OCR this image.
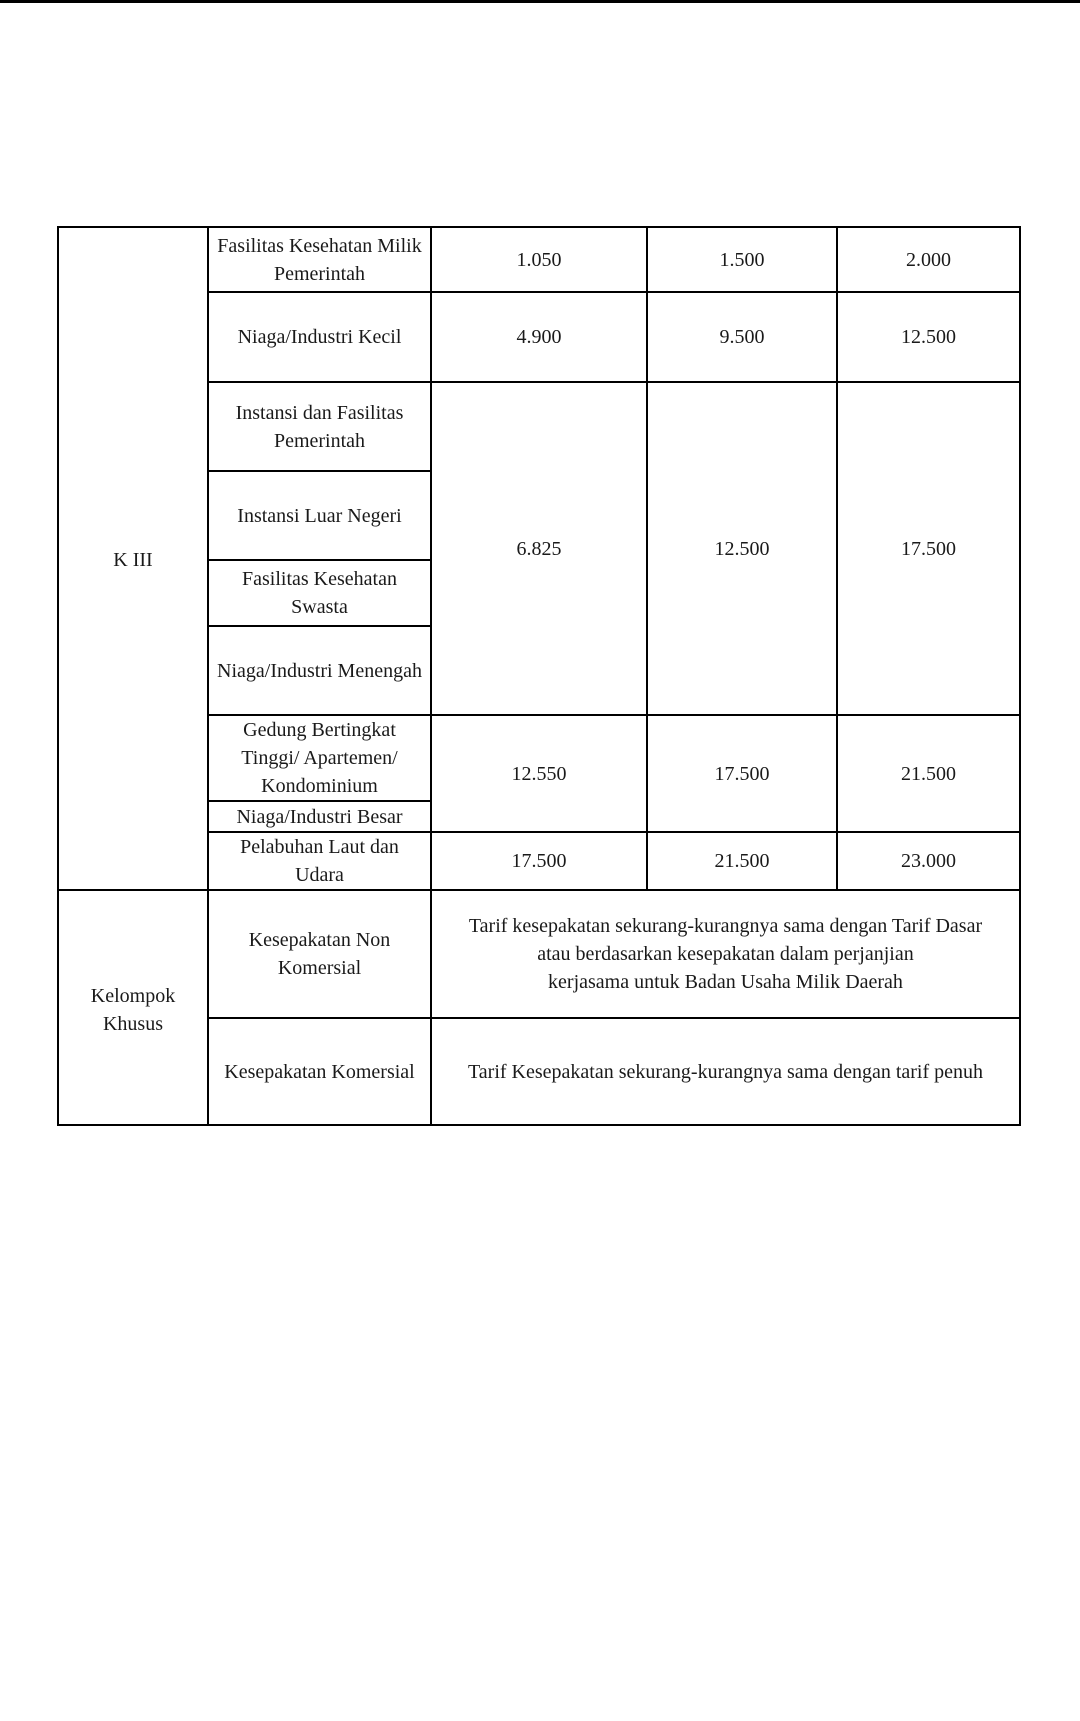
K III	Fasilitas Kesehatan Milik Pemerintah	1.050	1.500	2.000
	Niaga/Industri Kecil	4.900	9.500	12.500
	Instansi dan Fasilitas Pemerintah	6.825	12.500	17.500
	Instansi Luar Negeri			
	Fasilitas Kesehatan Swasta			
	Niaga/Industri Menengah			
	Gedung Bertingkat Tinggi/ Apartemen/ Kondominium	12.550	17.500	21.500
	Niaga/Industri Besar			
	Pelabuhan Laut dan Udara	17.500	21.500	23.000
Kelompok Khusus	Kesepakatan Non Komersial	Tarif kesepakatan sekurang-kurangnya sama dengan Tarif Dasar
atau berdasarkan kesepakatan dalam perjanjian
kerjasama untuk Badan Usaha Milik Daerah		

	Kesepakatan Komersial	Tarif Kesepakatan sekurang-kurangnya sama dengan tarif penuh		
